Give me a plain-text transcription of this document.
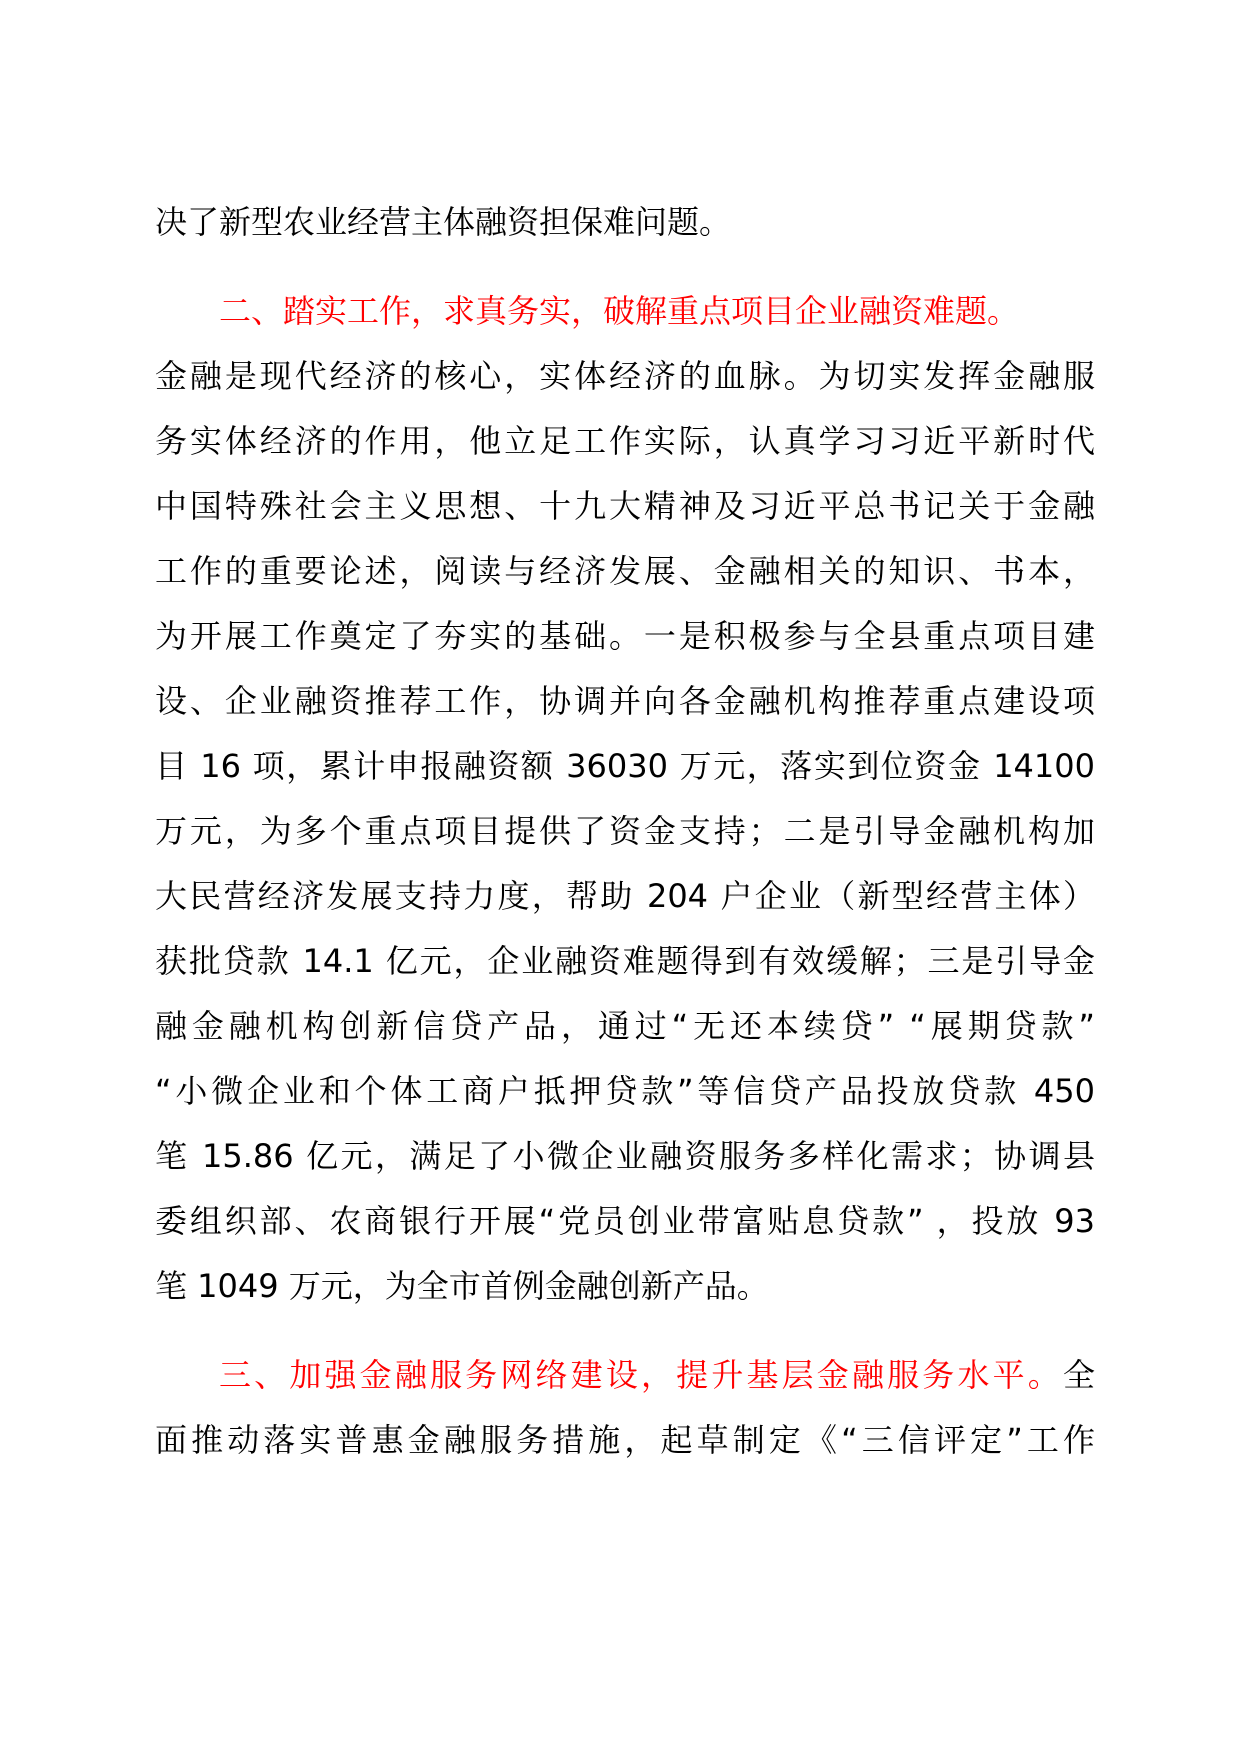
决了新型农业经营主体融资担保难问题。
二、踏实工作，求真务实，破解重点项目企业融资难题。
金融是现代经济的核心，实体经济的血脉。为切实发挥金融服
务实体经济的作用，他立足工作实际，认真学习习近平新时代
中国特殊社会主义思想、十九大精神及习近平总书记关于金融
工作的重要论述，阅读与经济发展、金融相关的知识、书本，
为开展工作奠定了夯实的基础。一是积极参与全县重点项目建
设、企业融资推荐工作，协调并向各金融机构推荐重点建设项
目 16 项，累计申报融资额 36030 万元，落实到位资金 14100
万元，为多个重点项目提供了资金支持；二是引导金融机构加
大民营经济发展支持力度，帮助 204 户企业（新型经营主体）
获批贷款 14.1 亿元，企业融资难题得到有效缓解；三是引导金
融金融机构创新信贷产品，通过“无还本续贷” “展期贷款”
“小微企业和个体工商户抵押贷款”等信贷产品投放贷款 450
笔 15.86 亿元，满足了小微企业融资服务多样化需求；协调县
委组织部、农商银行开展“党员创业带富贴息贷款” ，投放 93
笔 1049 万元，为全市首例金融创新产品。
三、加强金融服务网络建设，提升基层金融服务水平。全
面推动落实普惠金融服务措施，起草制定《“三信评定”工作
